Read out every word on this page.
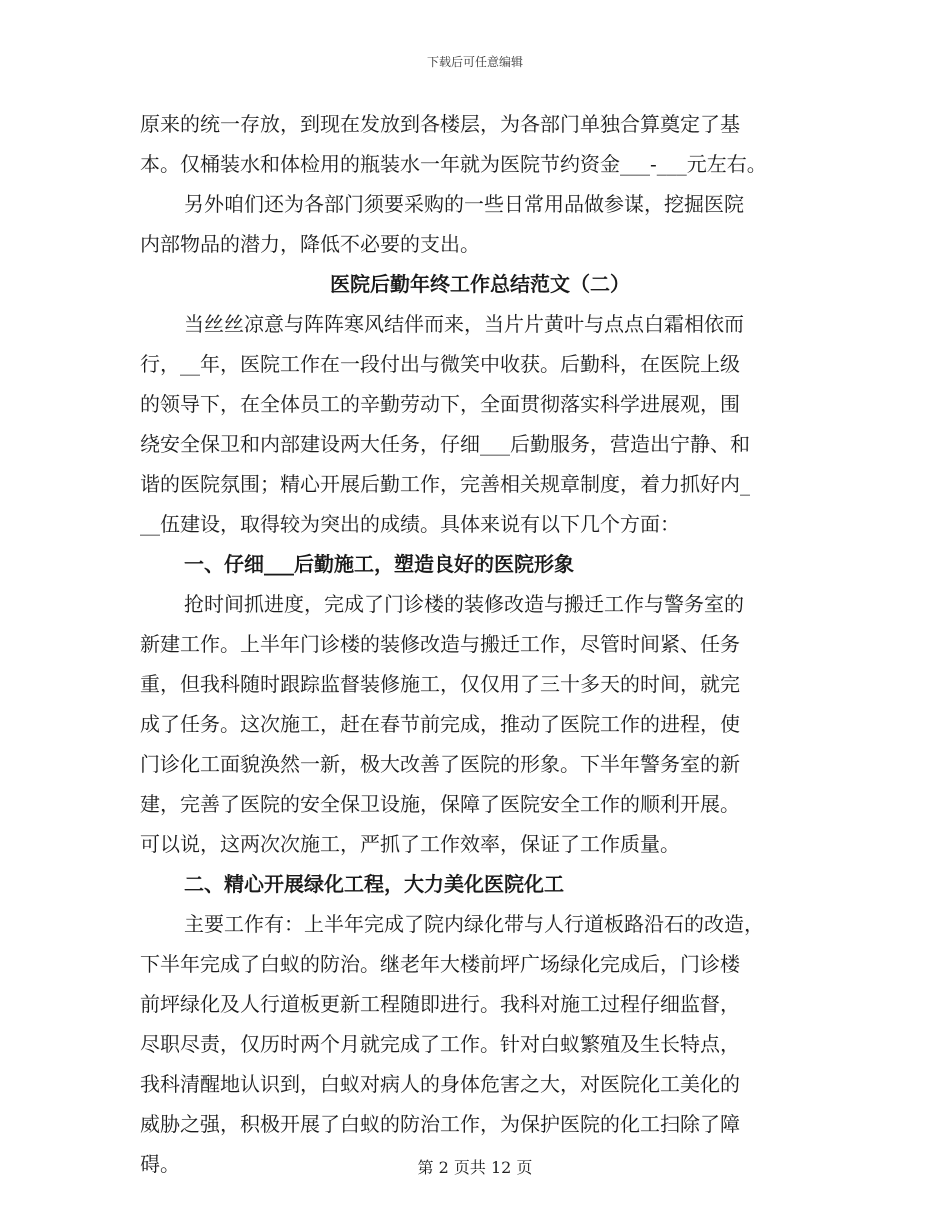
下载后可任意编辑
原来的统一存放，到现在发放到各楼层，为各部门单独合算奠定了基
本。仅桶装水和体检用的瓶装水一年就为医院节约资金___-___元左右。
另外咱们还为各部门须要采购的一些日常用品做参谋，挖掘医院
内部物品的潜力，降低不必要的支出。
医院后勤年终工作总结范文（二）
当丝丝凉意与阵阵寒风结伴而来，当片片黄叶与点点白霜相依而
行，__年，医院工作在一段付出与微笑中收获。后勤科，在医院上级
的领导下，在全体员工的辛勤劳动下，全面贯彻落实科学进展观，围
绕安全保卫和内部建设两大任务，仔细___后勤服务，营造出宁静、和
谐的医院氛围；精心开展后勤工作，完善相关规章制度，着力抓好内_
__伍建设，取得较为突出的成绩。具体来说有以下几个方面：
一、仔细___后勤施工，塑造良好的医院形象
抢时间抓进度，完成了门诊楼的装修改造与搬迁工作与警务室的
新建工作。上半年门诊楼的装修改造与搬迁工作，尽管时间紧、任务
重，但我科随时跟踪监督装修施工，仅仅用了三十多天的时间，就完
成了任务。这次施工，赶在春节前完成，推动了医院工作的进程，使
门诊化工面貌涣然一新，极大改善了医院的形象。下半年警务室的新
建，完善了医院的安全保卫设施，保障了医院安全工作的顺利开展。
可以说，这两次次施工，严抓了工作效率，保证了工作质量。
二、精心开展绿化工程，大力美化医院化工
主要工作有：上半年完成了院内绿化带与人行道板路沿石的改造，
下半年完成了白蚁的防治。继老年大楼前坪广场绿化完成后，门诊楼
前坪绿化及人行道板更新工程随即进行。我科对施工过程仔细监督，
尽职尽责，仅历时两个月就完成了工作。针对白蚁繁殖及生长特点，
我科清醒地认识到，白蚁对病人的身体危害之大，对医院化工美化的
威胁之强，积极开展了白蚁的防治工作，为保护医院的化工扫除了障
碍。	第 2 页共 12 页
